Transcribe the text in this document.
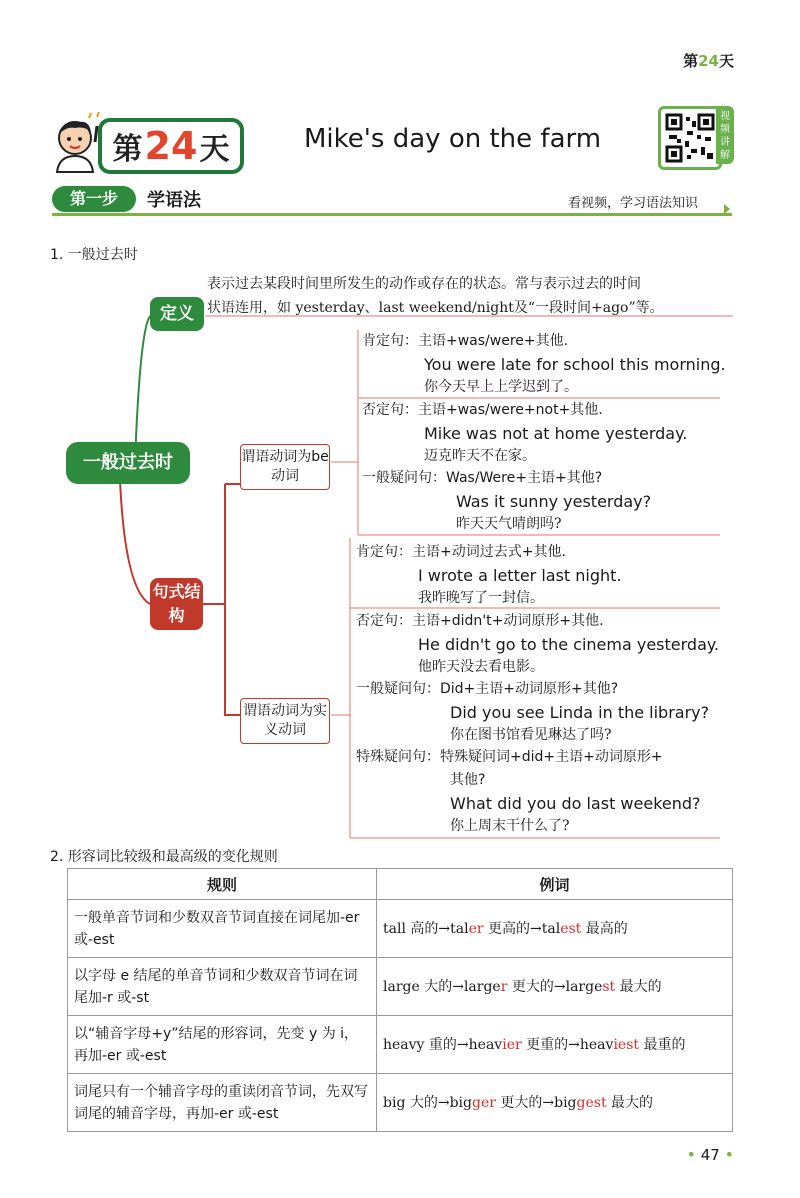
第24天
第 24 天	Mike's day on the farm
视频讲解
第一步	学语法	看视频，学习语法知识
1. 一般过去时
表示过去某段时间里所发生的动作或存在的状态。常与表示过去的时间
状语连用，如 yesterday、last weekend/night及“一段时间+ago”等。
定义
一般过去时
句式结构
谓语动词为be动词
谓语动词为实义动词
肯定句：主语+was/were+其他.
You were late for school this morning.
你今天早上上学迟到了。
否定句：主语+was/were+not+其他.
Mike was not at home yesterday.
迈克昨天不在家。
一般疑问句：Was/Were+主语+其他?
Was it sunny yesterday?
昨天天气晴朗吗?
肯定句：主语+动词过去式+其他.
I wrote a letter last night.
我昨晚写了一封信。
否定句：主语+didn't+动词原形+其他.
He didn't go to the cinema yesterday.
他昨天没去看电影。
一般疑问句：Did+主语+动词原形+其他?
Did you see Linda in the library?
你在图书馆看见琳达了吗?
特殊疑问句：特殊疑问词+did+主语+动词原形+
其他?
What did you do last weekend?
你上周末干什么了?
2. 形容词比较级和最高级的变化规则
规则	例词
一般单音节词和少数双音节词直接在词尾加-er 或-est	tall 高的→taler 更高的→talest 最高的
以字母 e 结尾的单音节词和少数双音节词在词尾加-r 或-st	large 大的→larger 更大的→largest 最大的
以“辅音字母+y”结尾的形容词，先变 y 为 i，再加-er 或-est	heavy 重的→heavier 更重的→heaviest 最重的
词尾只有一个辅音字母的重读闭音节词，先双写词尾的辅音字母，再加-er 或-est	big 大的→bigger 更大的→biggest 最大的
• 47 •
